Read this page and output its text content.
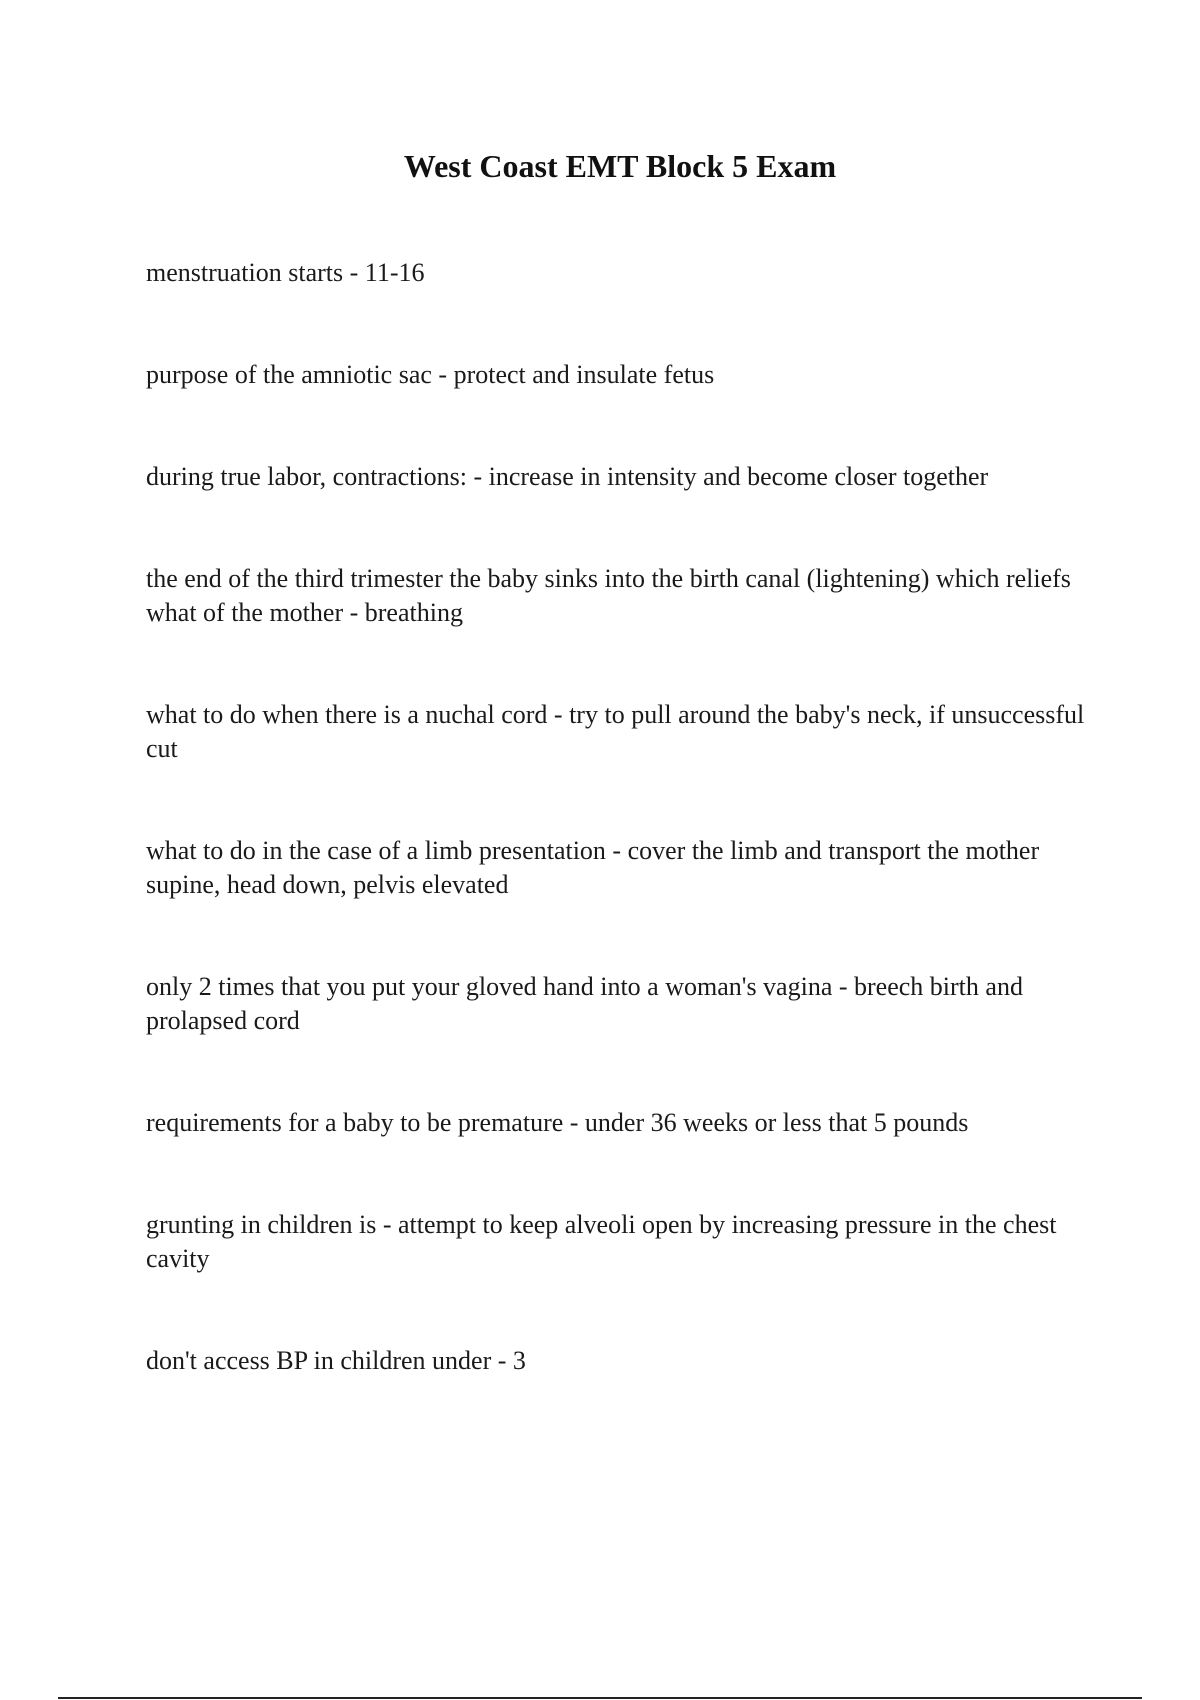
West Coast EMT Block 5 Exam
menstruation starts - 11-16
purpose of the amniotic sac - protect and insulate fetus
during true labor, contractions: - increase in intensity and become closer together
the end of the third trimester the baby sinks into the birth canal (lightening) which reliefs what of the mother - breathing
what to do when there is a nuchal cord - try to pull around the baby's neck, if unsuccessful cut
what to do in the case of a limb presentation - cover the limb and transport the mother supine, head down, pelvis elevated
only 2 times that you put your gloved hand into a woman's vagina - breech birth and prolapsed cord
requirements for a baby to be premature - under 36 weeks or less that 5 pounds
grunting in children is - attempt to keep alveoli open by increasing pressure in the chest cavity
don't access BP in children under - 3
